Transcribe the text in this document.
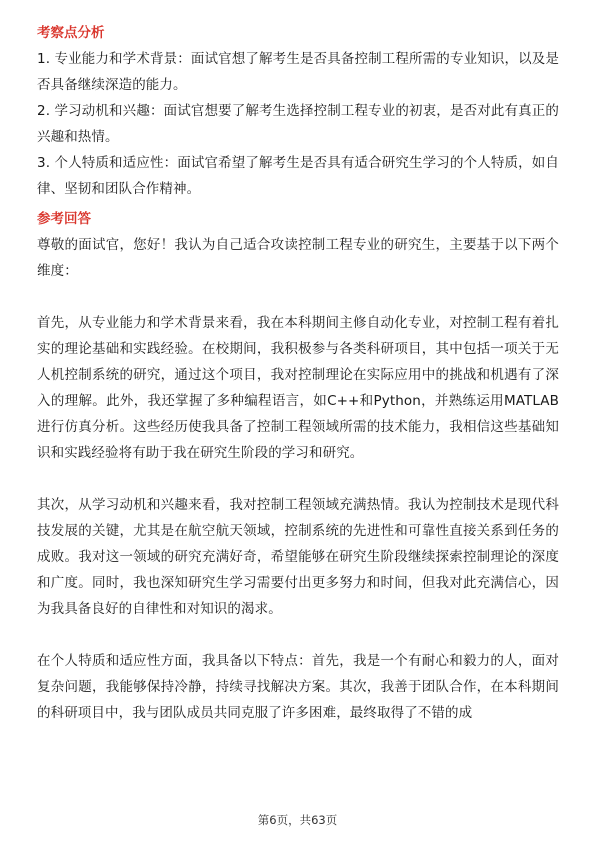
考察点分析

1. 专业能力和学术背景：面试官想了解考生是否具备控制工程所需的专业知识，以及是否具备继续深造的能力。

2. 学习动机和兴趣：面试官想要了解考生选择控制工程专业的初衷，是否对此有真正的兴趣和热情。

3. 个人特质和适应性：面试官希望了解考生是否具有适合研究生学习的个人特质，如自律、坚韧和团队合作精神。

参考回答

尊敬的面试官，您好！我认为自己适合攻读控制工程专业的研究生，主要基于以下两个维度：

首先，从专业能力和学术背景来看，我在本科期间主修自动化专业，对控制工程有着扎实的理论基础和实践经验。在校期间，我积极参与各类科研项目，其中包括一项关于无人机控制系统的研究，通过这个项目，我对控制理论在实际应用中的挑战和机遇有了深入的理解。此外，我还掌握了多种编程语言，如C++和Python，并熟练运用MATLAB进行仿真分析。这些经历使我具备了控制工程领域所需的技术能力，我相信这些基础知识和实践经验将有助于我在研究生阶段的学习和研究。

其次，从学习动机和兴趣来看，我对控制工程领域充满热情。我认为控制技术是现代科技发展的关键，尤其是在航空航天领域，控制系统的先进性和可靠性直接关系到任务的成败。我对这一领域的研究充满好奇，希望能够在研究生阶段继续探索控制理论的深度和广度。同时，我也深知研究生学习需要付出更多努力和时间，但我对此充满信心，因为我具备良好的自律性和对知识的渴求。

在个人特质和适应性方面，我具备以下特点：首先，我是一个有耐心和毅力的人，面对复杂问题，我能够保持冷静，持续寻找解决方案。其次，我善于团队合作，在本科期间的科研项目中，我与团队成员共同克服了许多困难，最终取得了不错的成

第6页，共63页
